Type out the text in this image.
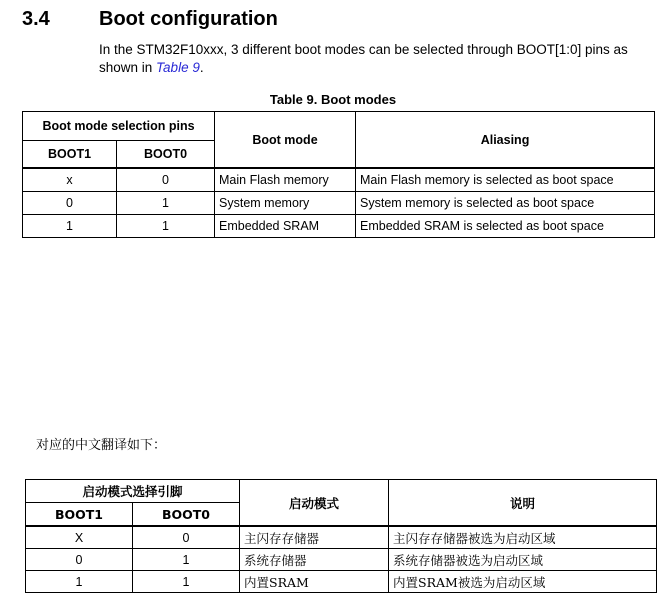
3.4 Boot configuration
In the STM32F10xxx, 3 different boot modes can be selected through BOOT[1:0] pins as shown in Table 9.
Table 9. Boot modes
Boot mode selection pins		Boot mode	Aliasing
BOOT1	BOOT0		
x	0	Main Flash memory	Main Flash memory is selected as boot space
0	1	System memory	System memory is selected as boot space
1	1	Embedded SRAM	Embedded SRAM is selected as boot space
对应的中文翻译如下：
启动模式选择引脚		启动模式	说明
BOOT1	BOOT0		
X	0	主闪存存储器	主闪存存储器被选为启动区域
0	1	系统存储器	系统存储器被选为启动区域
1	1	内置SRAM	内置SRAM被选为启动区域
